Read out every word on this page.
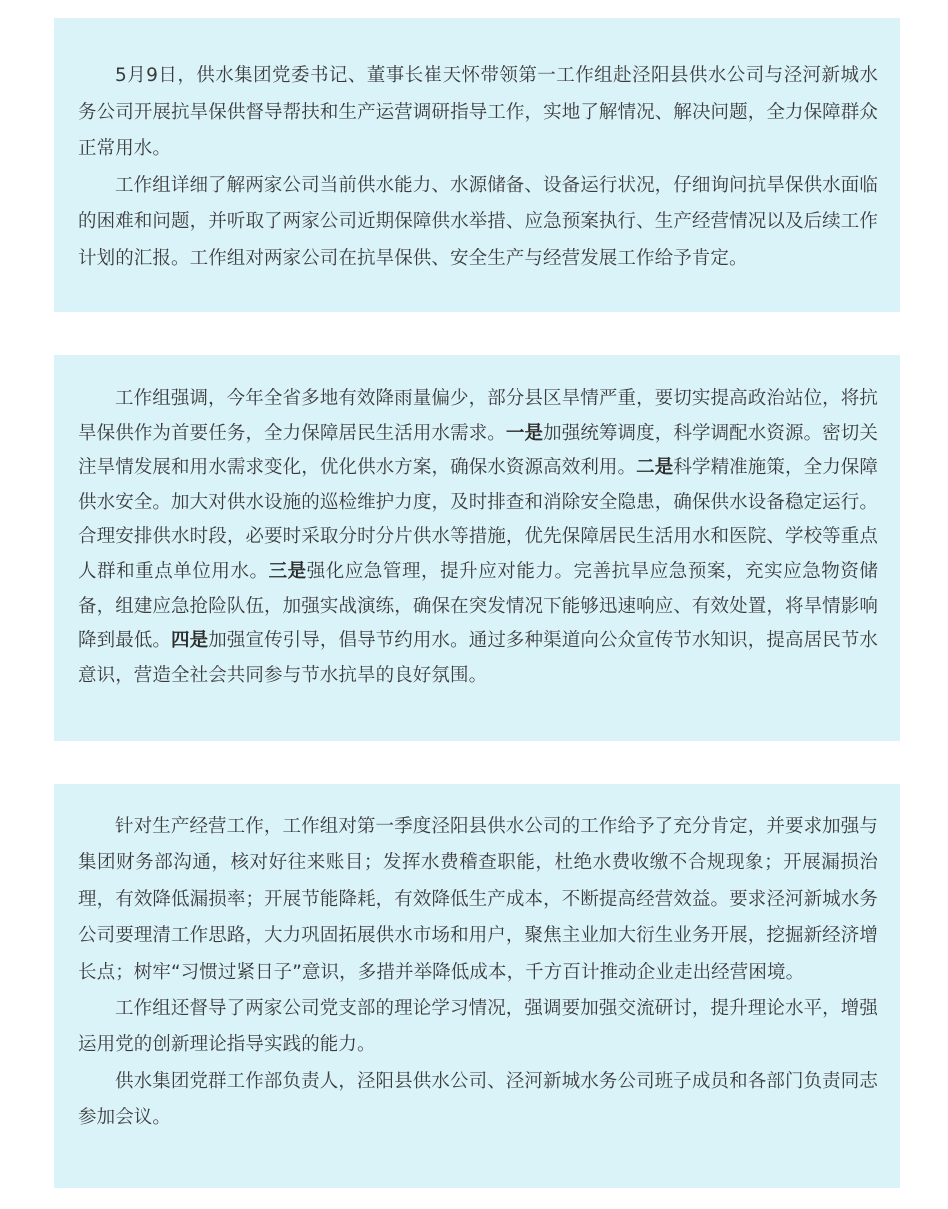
5月9日，供水集团党委书记、董事长崔天怀带领第一工作组赴泾阳县供水公司与泾河新城水务公司开展抗旱保供督导帮扶和生产运营调研指导工作，实地了解情况、解决问题，全力保障群众正常用水。

工作组详细了解两家公司当前供水能力、水源储备、设备运行状况，仔细询问抗旱保供水面临的困难和问题，并听取了两家公司近期保障供水举措、应急预案执行、生产经营情况以及后续工作计划的汇报。工作组对两家公司在抗旱保供、安全生产与经营发展工作给予肯定。

工作组强调，今年全省多地有效降雨量偏少，部分县区旱情严重，要切实提高政治站位，将抗旱保供作为首要任务，全力保障居民生活用水需求。一是加强统筹调度，科学调配水资源。密切关注旱情发展和用水需求变化，优化供水方案，确保水资源高效利用。二是科学精准施策，全力保障供水安全。加大对供水设施的巡检维护力度，及时排查和消除安全隐患，确保供水设备稳定运行。合理安排供水时段，必要时采取分时分片供水等措施，优先保障居民生活用水和医院、学校等重点人群和重点单位用水。三是强化应急管理，提升应对能力。完善抗旱应急预案，充实应急物资储备，组建应急抢险队伍，加强实战演练，确保在突发情况下能够迅速响应、有效处置，将旱情影响降到最低。四是加强宣传引导，倡导节约用水。通过多种渠道向公众宣传节水知识，提高居民节水意识，营造全社会共同参与节水抗旱的良好氛围。

针对生产经营工作，工作组对第一季度泾阳县供水公司的工作给予了充分肯定，并要求加强与集团财务部沟通，核对好往来账目；发挥水费稽查职能，杜绝水费收缴不合规现象；开展漏损治理，有效降低漏损率；开展节能降耗，有效降低生产成本，不断提高经营效益。要求泾河新城水务公司要理清工作思路，大力巩固拓展供水市场和用户，聚焦主业加大衍生业务开展，挖掘新经济增长点；树牢“习惯过紧日子”意识，多措并举降低成本，千方百计推动企业走出经营困境。

工作组还督导了两家公司党支部的理论学习情况，强调要加强交流研讨，提升理论水平，增强运用党的创新理论指导实践的能力。

供水集团党群工作部负责人，泾阳县供水公司、泾河新城水务公司班子成员和各部门负责同志参加会议。
